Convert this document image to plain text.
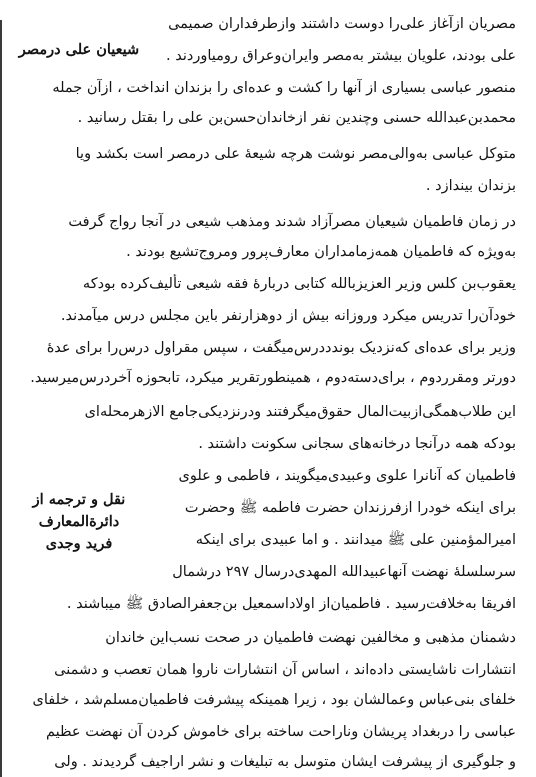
مصریان ازآغاز علی‌را دوست داشتند وازطرفداران صمیمی
علی بودند، علویان بیشتر به‌مصر وایران‌وعراق رومیاوردند .
منصور عباسی بسیاری از آنها را کشت و عده‌ای را بزندان انداخت ، ازآن جمله
محمدبن‌عبدالله حسنی وچندین نفر ازخاندان‌حسن‌بن علی را بقتل رسانید .
متوکل عباسی به‌والی‌مصر نوشت هرچه شیعهٔ علی درمصر است بکشد ویا
بزندان بیندازد .
در زمان فاطمیان شیعیان مصرآزاد شدند ومذهب شیعی در آنجا رواج گرفت
به‌ویژه که فاطمیان همه‌زمامداران معارف‌پرور ومروج‌تشیع بودند .
یعقوب‌بن کلس وزیر العزیزبالله کتابی دربارهٔ فقه شیعی تألیف‌کرده بودکه
خودآن‌را تدریس میکرد وروزانه بیش از دوهزارنفر باین مجلس درس میآمدند.
وزیر برای عده‌ای که‌نزدیک بوندد‌درس‌میگفت ، سپس مقراول درس‌را برای عدهٔ
دورتر ومقرردوم ، برای‌دسته‌دوم ، همینطورتقریر میکرد، تابحوزه آخردرس‌میرسید.
این طلاب‌همگی‌ازبیت‌المال حقوق‌میگرفتند ودرنزدیکی‌جامع الازهرمحله‌ای
بودکه همه درآنجا درخانه‌های سجانی سکونت داشتند .
فاطمیان که آنانرا علوی و‌عبیدی‌میگویند ، فاطمی و علوی
برای اینکه خودرا ازفرزندان حضرت فاطمه ﷺ وحضرت
امیرالمؤمنین علی ﷺ میدانند . و اما عبیدی برای اینکه
سرسلسلهٔ نهضت آنهاعبیدالله المهدی‌درسال ۲۹۷ درشمال
افریقا به‌خلافت‌رسید . فاطمیان‌از اولاداسمعیل بن‌جعفرالصادق ﷺ میباشند .
دشمنان مذهبی و مخالفین نهضت فاطمیان در صحت نسب‌این خاندان
انتشارات ناشایستی داده‌اند ، اساس آن انتشارات ناروا همان تعصب و دشمنی
خلفای بنی‌عباس وعمالشان بود ، زیرا همینکه پیشرفت فاطمیان‌مسلم‌شد ، خلفای
عباسی را دربغداد پریشان وناراحت ساخته برای خاموش کردن آن نهضت عظیم
و جلوگیری از پیشرفت ایشان متوسل به تبلیغات و نشر اراجیف گردیدند . ولی
شیعیان علی درمصر
نقل و ترجمه از
دائرة‌المعارف
فرید وجدی
